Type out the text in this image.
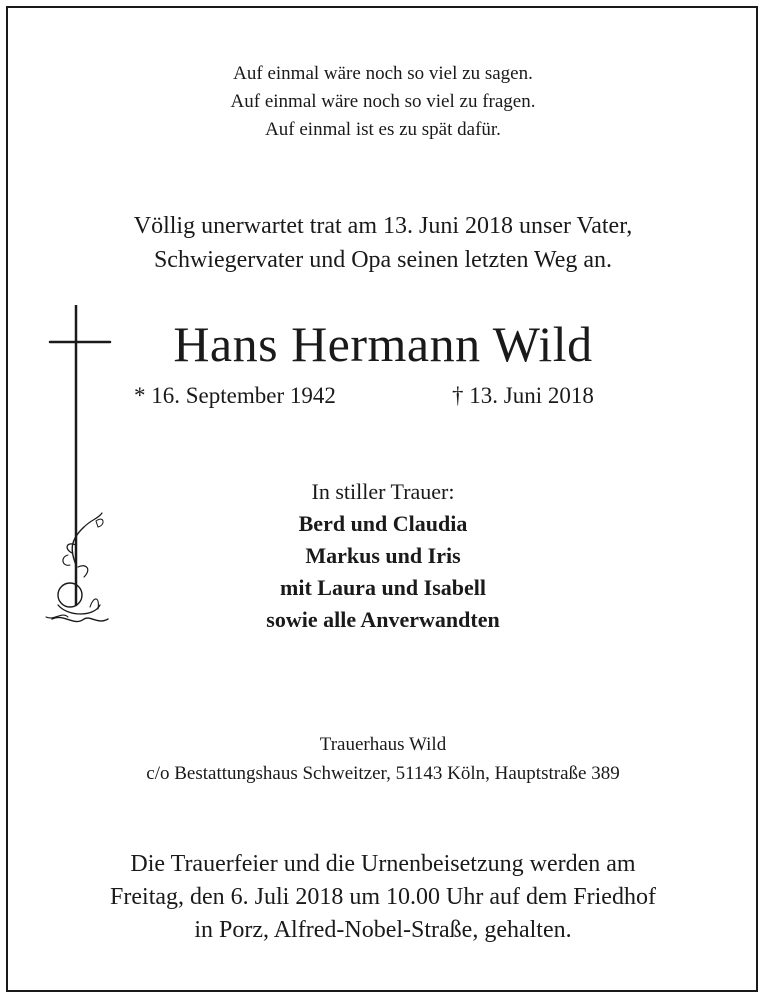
Auf einmal wäre noch so viel zu sagen.
Auf einmal wäre noch so viel zu fragen.
Auf einmal ist es zu spät dafür.
Völlig unerwartet trat am 13. Juni 2018 unser Vater,
Schwiegervater und Opa seinen letzten Weg an.
Hans Hermann Wild
* 16. September 1942	† 13. Juni 2018
In stiller Trauer:
Berd und Claudia
Markus und Iris
mit Laura und Isabell
sowie alle Anverwandten
Trauerhaus Wild
c/o Bestattungshaus Schweitzer, 51143 Köln, Hauptstraße 389
Die Trauerfeier und die Urnenbeisetzung werden am
Freitag, den 6. Juli 2018 um 10.00 Uhr auf dem Friedhof
in Porz, Alfred-Nobel-Straße, gehalten.
